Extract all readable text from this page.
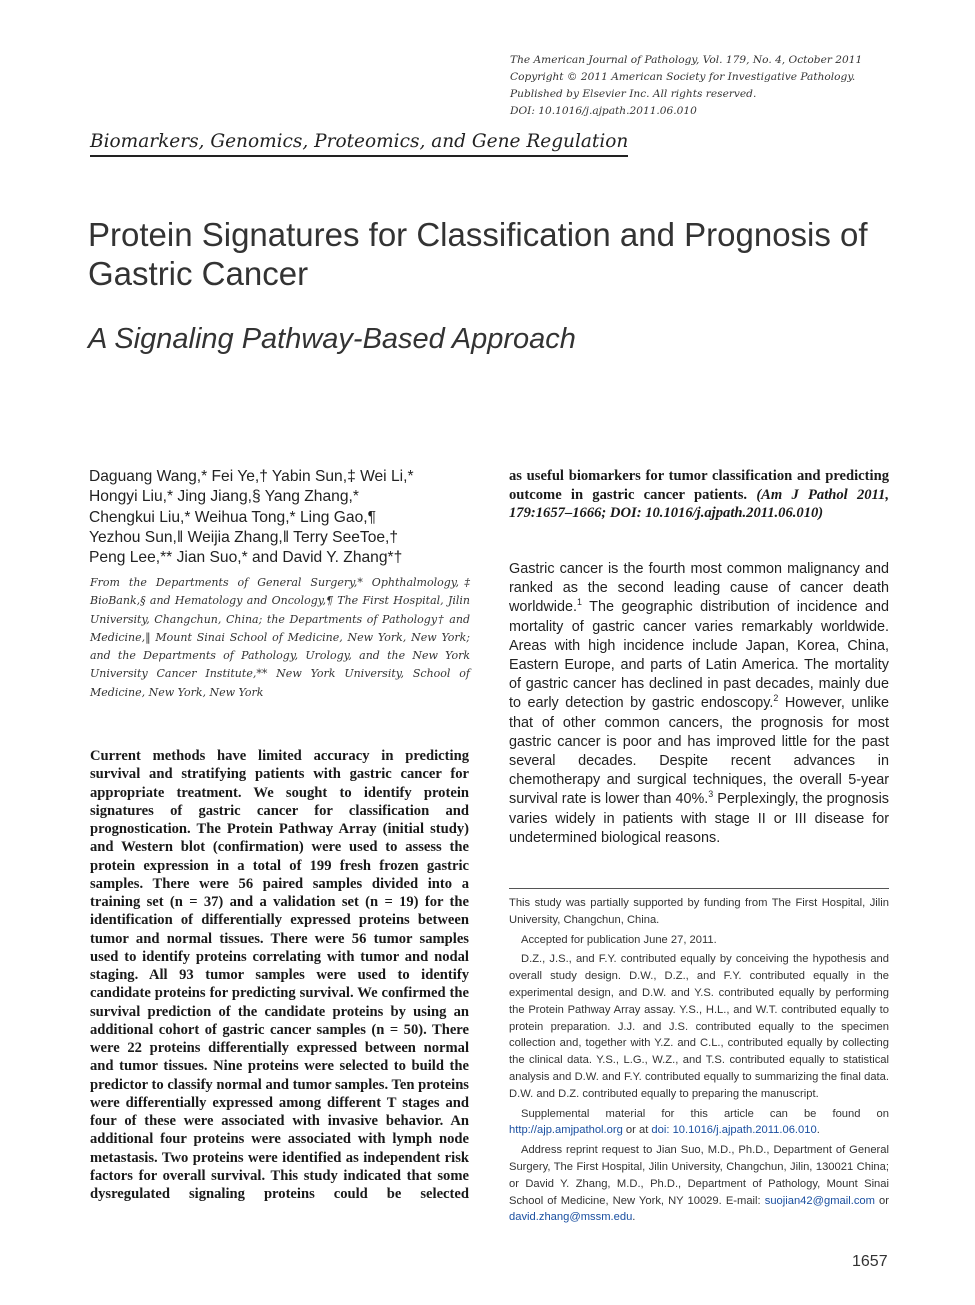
The American Journal of Pathology, Vol. 179, No. 4, October 2011
Copyright © 2011 American Society for Investigative Pathology.
Published by Elsevier Inc. All rights reserved.
DOI: 10.1016/j.ajpath.2011.06.010
Biomarkers, Genomics, Proteomics, and Gene Regulation
Protein Signatures for Classification and Prognosis of Gastric Cancer
A Signaling Pathway-Based Approach
Daguang Wang,* Fei Ye,† Yabin Sun,‡ Wei Li,*
Hongyi Liu,* Jing Jiang,§ Yang Zhang,*
Chengkui Liu,* Weihua Tong,* Ling Gao,¶
Yezhou Sun,‖ Weijia Zhang,‖ Terry SeeToe,†
Peng Lee,** Jian Suo,* and David Y. Zhang*†
From the Departments of General Surgery,* Ophthalmology,‡ BioBank,§ and Hematology and Oncology,¶ The First Hospital, Jilin University, Changchun, China; the Departments of Pathology† and Medicine,‖ Mount Sinai School of Medicine, New York, New York; and the Departments of Pathology, Urology, and the New York University Cancer Institute,** New York University, School of Medicine, New York, New York
Current methods have limited accuracy in predicting survival and stratifying patients with gastric cancer for appropriate treatment. We sought to identify protein signatures of gastric cancer for classification and prognostication. The Protein Pathway Array (initial study) and Western blot (confirmation) were used to assess the protein expression in a total of 199 fresh frozen gastric samples. There were 56 paired samples divided into a training set (n = 37) and a validation set (n = 19) for the identification of differentially expressed proteins between tumor and normal tissues. There were 56 tumor samples used to identify proteins correlating with tumor and nodal staging. All 93 tumor samples were used to identify candidate proteins for predicting survival. We confirmed the survival prediction of the candidate proteins by using an additional cohort of gastric cancer samples (n = 50). There were 22 proteins differentially expressed between normal and tumor tissues. Nine proteins were selected to build the predictor to classify normal and tumor samples. Ten proteins were differentially expressed among different T stages and four of these were associated with invasive behavior. An additional four proteins were associated with lymph node metastasis. Two proteins were identified as independent risk factors for overall survival. This study indicated that some dysregulated signaling proteins could be selected
as useful biomarkers for tumor classification and predicting outcome in gastric cancer patients. (Am J Pathol 2011, 179:1657–1666; DOI: 10.1016/j.ajpath.2011.06.010)
Gastric cancer is the fourth most common malignancy and ranked as the second leading cause of cancer death worldwide.$^1$ The geographic distribution of incidence and mortality of gastric cancer varies remarkably worldwide. Areas with high incidence include Japan, Korea, China, Eastern Europe, and parts of Latin America. The mortality of gastric cancer has declined in past decades, mainly due to early detection by gastric endoscopy.$^2$ However, unlike that of other common cancers, the prognosis for most gastric cancer is poor and has improved little for the past several decades. Despite recent advances in chemotherapy and surgical techniques, the overall 5-year survival rate is lower than 40%.$^3$ Perplexingly, the prognosis varies widely in patients with stage II or III disease for undetermined biological reasons.

This study was partially supported by funding from The First Hospital, Jilin University, Changchun, China.

Accepted for publication June 27, 2011.

D.Z., J.S., and F.Y. contributed equally by conceiving the hypothesis and overall study design. D.W., D.Z., and F.Y. contributed equally in the experimental design, and D.W. and Y.S. contributed equally by performing the Protein Pathway Array assay. Y.S., H.L., and W.T. contributed equally to protein preparation. J.J. and J.S. contributed equally to the specimen collection and, together with Y.Z. and C.L., contributed equally by collecting the clinical data. Y.S., L.G., W.Z., and T.S. contributed equally to statistical analysis and D.W. and F.Y. contributed equally to summarizing the final data. D.W. and D.Z. contributed equally to preparing the manuscript.

Supplemental material for this article can be found on http://ajp.amjpathol.org or at doi: 10.1016/j.ajpath.2011.06.010.

Address reprint request to Jian Suo, M.D., Ph.D., Department of General Surgery, The First Hospital, Jilin University, Changchun, Jilin, 130021 China; or David Y. Zhang, M.D., Ph.D., Department of Pathology, Mount Sinai School of Medicine, New York, NY 10029. E-mail: suojian42@gmail.com or david.zhang@mssm.edu.

1657
